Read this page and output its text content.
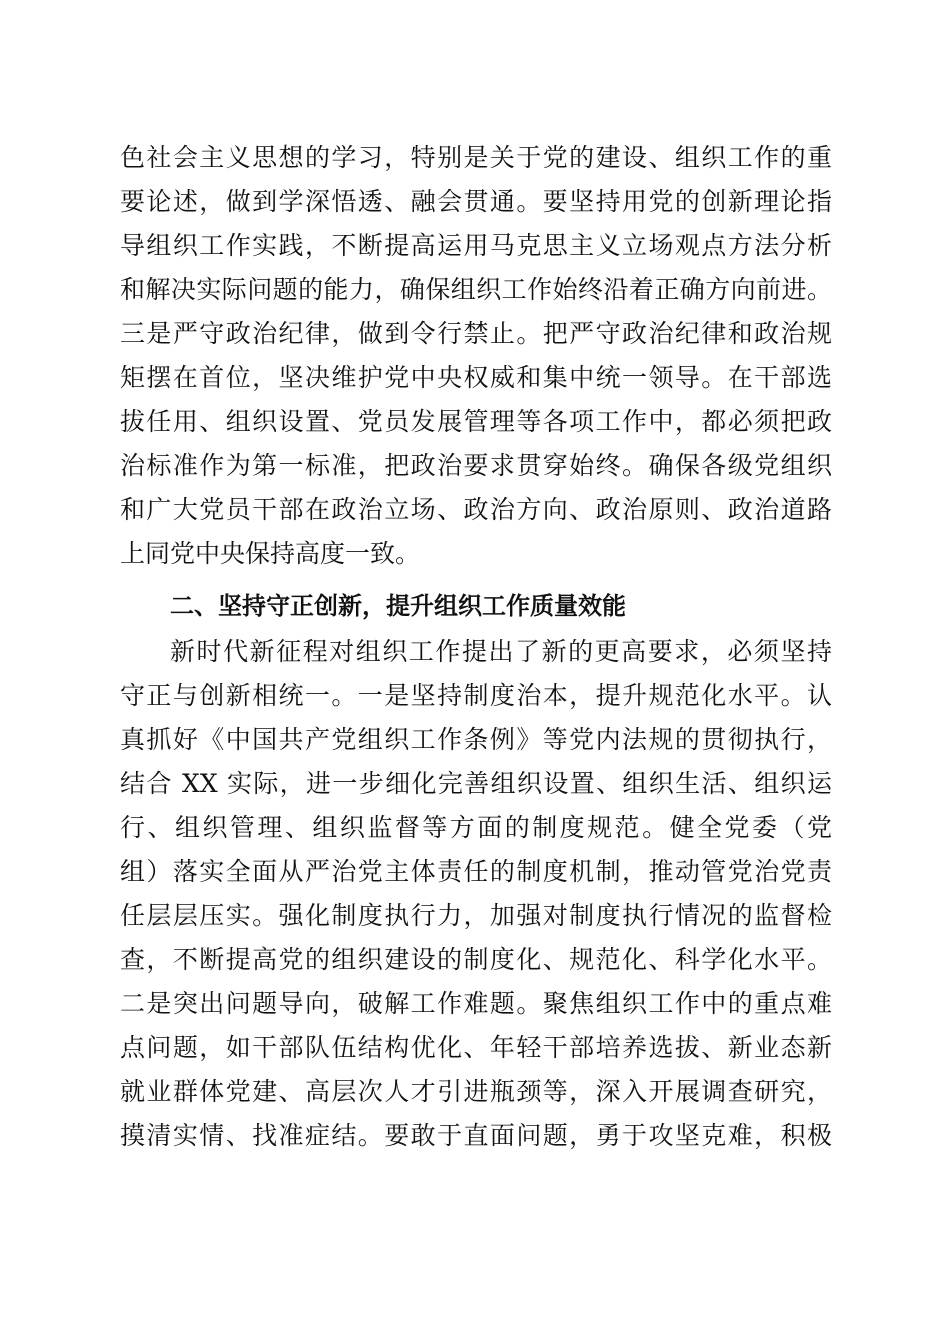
色社会主义思想的学习，特别是关于党的建设、组织工作的重
要论述，做到学深悟透、融会贯通。要坚持用党的创新理论指
导组织工作实践，不断提高运用马克思主义立场观点方法分析
和解决实际问题的能力，确保组织工作始终沿着正确方向前进。
三是严守政治纪律，做到令行禁止。把严守政治纪律和政治规
矩摆在首位，坚决维护党中央权威和集中统一领导。在干部选
拔任用、组织设置、党员发展管理等各项工作中，都必须把政
治标准作为第一标准，把政治要求贯穿始终。确保各级党组织
和广大党员干部在政治立场、政治方向、政治原则、政治道路
上同党中央保持高度一致。
二、坚持守正创新，提升组织工作质量效能
新时代新征程对组织工作提出了新的更高要求，必须坚持
守正与创新相统一。一是坚持制度治本，提升规范化水平。认
真抓好《中国共产党组织工作条例》等党内法规的贯彻执行，
结合 XX 实际，进一步细化完善组织设置、组织生活、组织运
行、组织管理、组织监督等方面的制度规范。健全党委（党
组）落实全面从严治党主体责任的制度机制，推动管党治党责
任层层压实。强化制度执行力，加强对制度执行情况的监督检
查，不断提高党的组织建设的制度化、规范化、科学化水平。
二是突出问题导向，破解工作难题。聚焦组织工作中的重点难
点问题，如干部队伍结构优化、年轻干部培养选拔、新业态新
就业群体党建、高层次人才引进瓶颈等，深入开展调查研究，
摸清实情、找准症结。要敢于直面问题，勇于攻坚克难，积极
